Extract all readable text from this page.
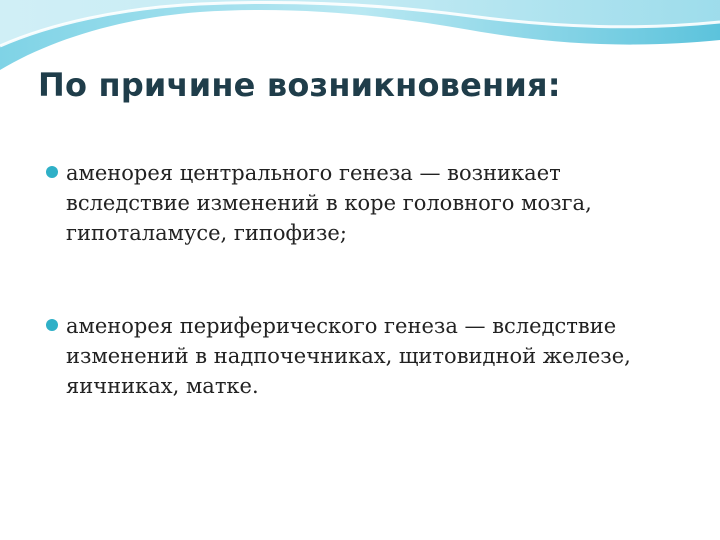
По причине возникновения:
аменорея центрального генеза — возникает вследствие изменений в коре головного мозга, гипоталамусе, гипофизе;
аменорея периферического генеза — вследствие изменений в надпочечниках, щитовидной железе, яичниках, матке.
